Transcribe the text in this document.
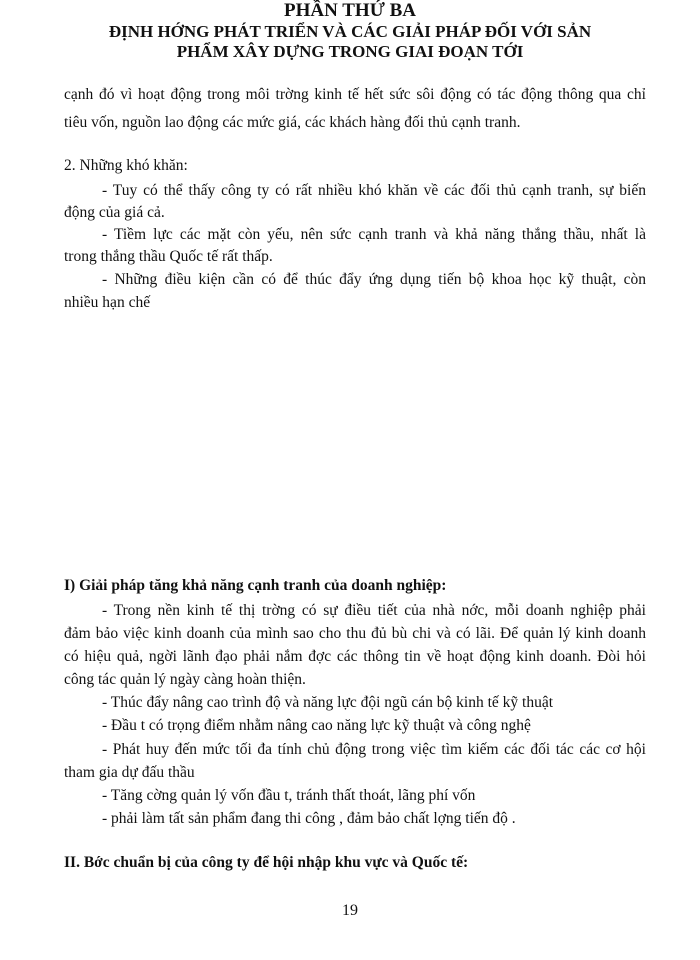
cạnh đó vì hoạt động trong môi trờng kinh tế hết sức sôi động có tác động thông qua chỉ
tiêu vốn, nguồn lao động các mức giá, các khách hàng đối thủ cạnh tranh.
2. Những khó khăn:
- Tuy có thể thấy công ty có rất nhiều khó khăn về các đối thủ cạnh tranh, sự biến
động của giá cả.
- Tiềm lực các mặt còn yếu, nên sức cạnh tranh và khả năng thắng thầu, nhất là
trong thắng thầu Quốc tế rất thấp.
- Những điều kiện cần có để thúc đẩy ứng dụng tiến bộ khoa học kỹ thuật, còn
nhiều hạn chế
PHẦN THỨ BA
ĐỊNH HỚNG PHÁT TRIỂN VÀ CÁC GIẢI PHÁP ĐỐI VỚI SẢN
PHẨM XÂY DỰNG TRONG GIAI ĐOẠN TỚI
I) Giải pháp tăng khả năng cạnh tranh của doanh nghiệp:
- Trong nền kinh tế thị trờng có sự điều tiết của nhà nớc, mỗi doanh nghiệp phải
đảm bảo việc kinh doanh của mình sao cho thu đủ bù chi và có lãi. Để quản lý kinh doanh
có hiệu quả, ngời lãnh đạo phải nắm đợc các thông tin về hoạt động kinh doanh. Đòi hỏi
công tác quản lý ngày càng hoàn thiện.
- Thúc đẩy nâng cao trình độ và năng lực đội ngũ cán bộ kinh tế kỹ thuật
- Đầu t có trọng điểm nhằm nâng cao năng lực kỹ thuật và công nghệ
- Phát huy đến mức tối đa tính chủ động trong việc tìm kiếm các đối tác các cơ hội
tham gia dự đấu thầu
- Tăng cờng quản lý vốn đầu t, tránh thất thoát, lãng phí vốn
- phải làm tất sản phẩm đang thi công , đảm bảo chất lợng tiến độ .
II. Bớc chuẩn bị của công ty để hội nhập khu vực và Quốc tế:
19
